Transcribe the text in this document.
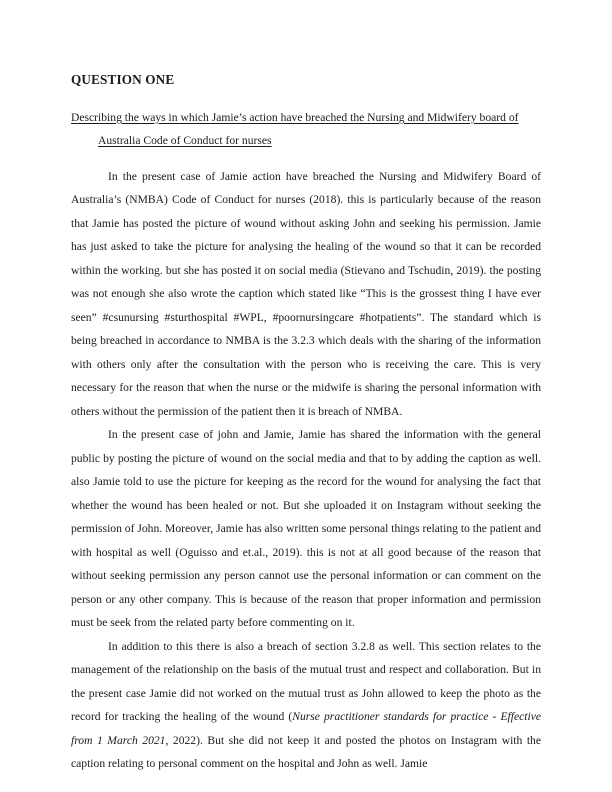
QUESTION ONE
Describing the ways in which Jamie’s action have breached the Nursing and Midwifery board of
Australia Code of Conduct for nurses

In the present case of Jamie action have breached the Nursing and Midwifery Board of Australia’s (NMBA) Code of Conduct for nurses (2018). this is particularly because of the reason that Jamie has posted the picture of wound without asking John and seeking his permission. Jamie has just asked to take the picture for analysing the healing of the wound so that it can be recorded within the working. but she has posted it on social media (Stievano and Tschudin, 2019). the posting was not enough she also wrote the caption which stated like “This is the grossest thing I have ever seen” #csunursing #sturthospital #WPL, #poornursingcare #hotpatients”. The standard which is being breached in accordance to NMBA is the 3.2.3 which deals with the sharing of the information with others only after the consultation with the person who is receiving the care. This is very necessary for the reason that when the nurse or the midwife is sharing the personal information with others without the permission of the patient then it is breach of NMBA.

In the present case of john and Jamie, Jamie has shared the information with the general public by posting the picture of wound on the social media and that to by adding the caption as well. also Jamie told to use the picture for keeping as the record for the wound for analysing the fact that whether the wound has been healed or not. But she uploaded it on Instagram without seeking the permission of John. Moreover, Jamie has also written some personal things relating to the patient and with hospital as well (Oguisso and et.al., 2019). this is not at all good because of the reason that without seeking permission any person cannot use the personal information or can comment on the person or any other company. This is because of the reason that proper information and permission must be seek from the related party before commenting on it.

In addition to this there is also a breach of section 3.2.8 as well. This section relates to the management of the relationship on the basis of the mutual trust and respect and collaboration. But in the present case Jamie did not worked on the mutual trust as John allowed to keep the photo as the record for tracking the healing of the wound (Nurse practitioner standards for practice - Effective from 1 March 2021, 2022). But she did not keep it and posted the photos on Instagram with the caption relating to personal comment on the hospital and John as well. Jamie
